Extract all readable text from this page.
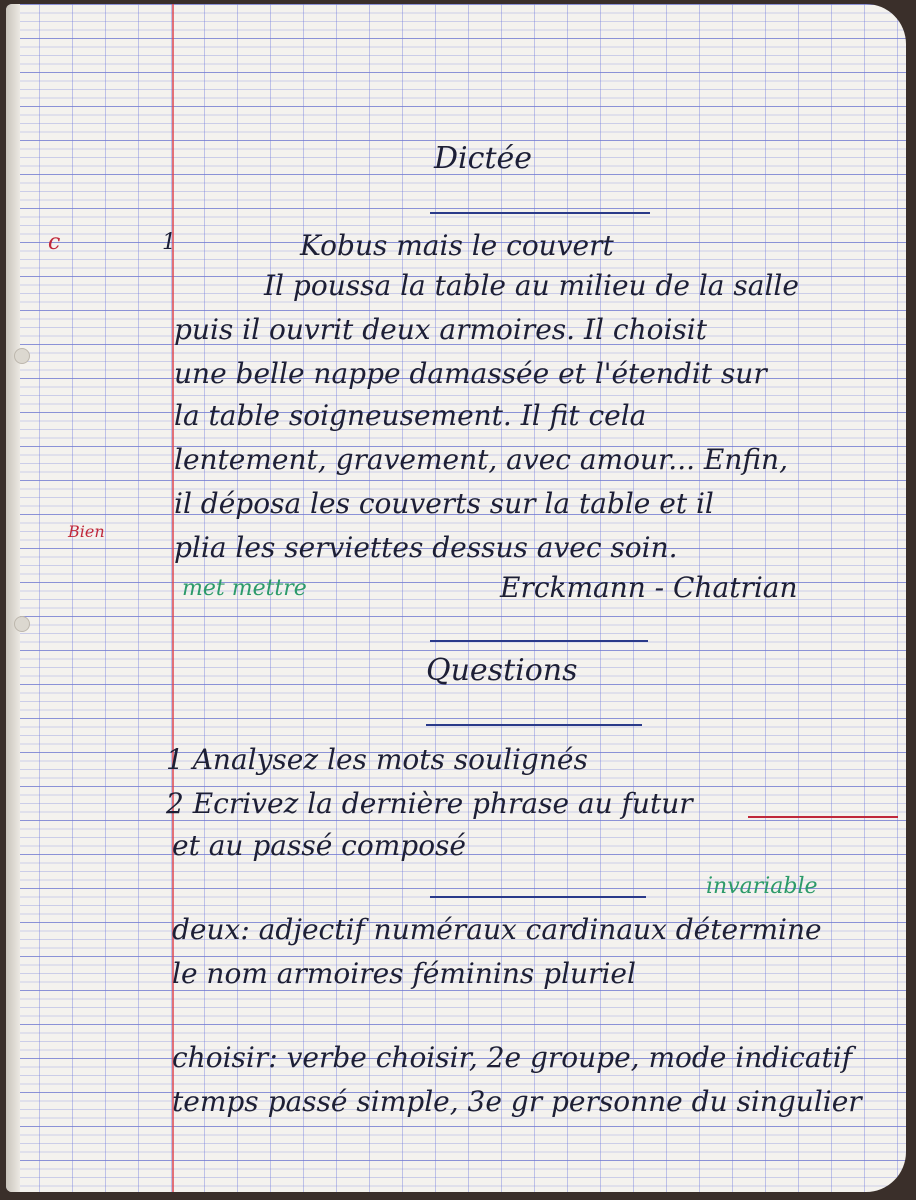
c	1
Bien
Dictée
Kobus mais le couvert
Il poussa la table au milieu de la salle
puis il ouvrit deux armoires. Il choisit
une belle nappe damassée et l'étendit sur
la table soigneusement. Il fit cela
lentement, gravement, avec amour... Enfin,
il déposa les couverts sur la table et il
plia les serviettes dessus avec soin.
met mettre	Erckmann - Chatrian
Questions
1 Analysez les mots soulignés
2 Ecrivez la dernière phrase au futur
et au passé composé
invariable
deux: adjectif numéraux cardinaux détermine
le nom armoires féminins pluriel
choisir: verbe choisir, 2e groupe, mode indicatif
temps passé simple, 3e gr personne du singulier
